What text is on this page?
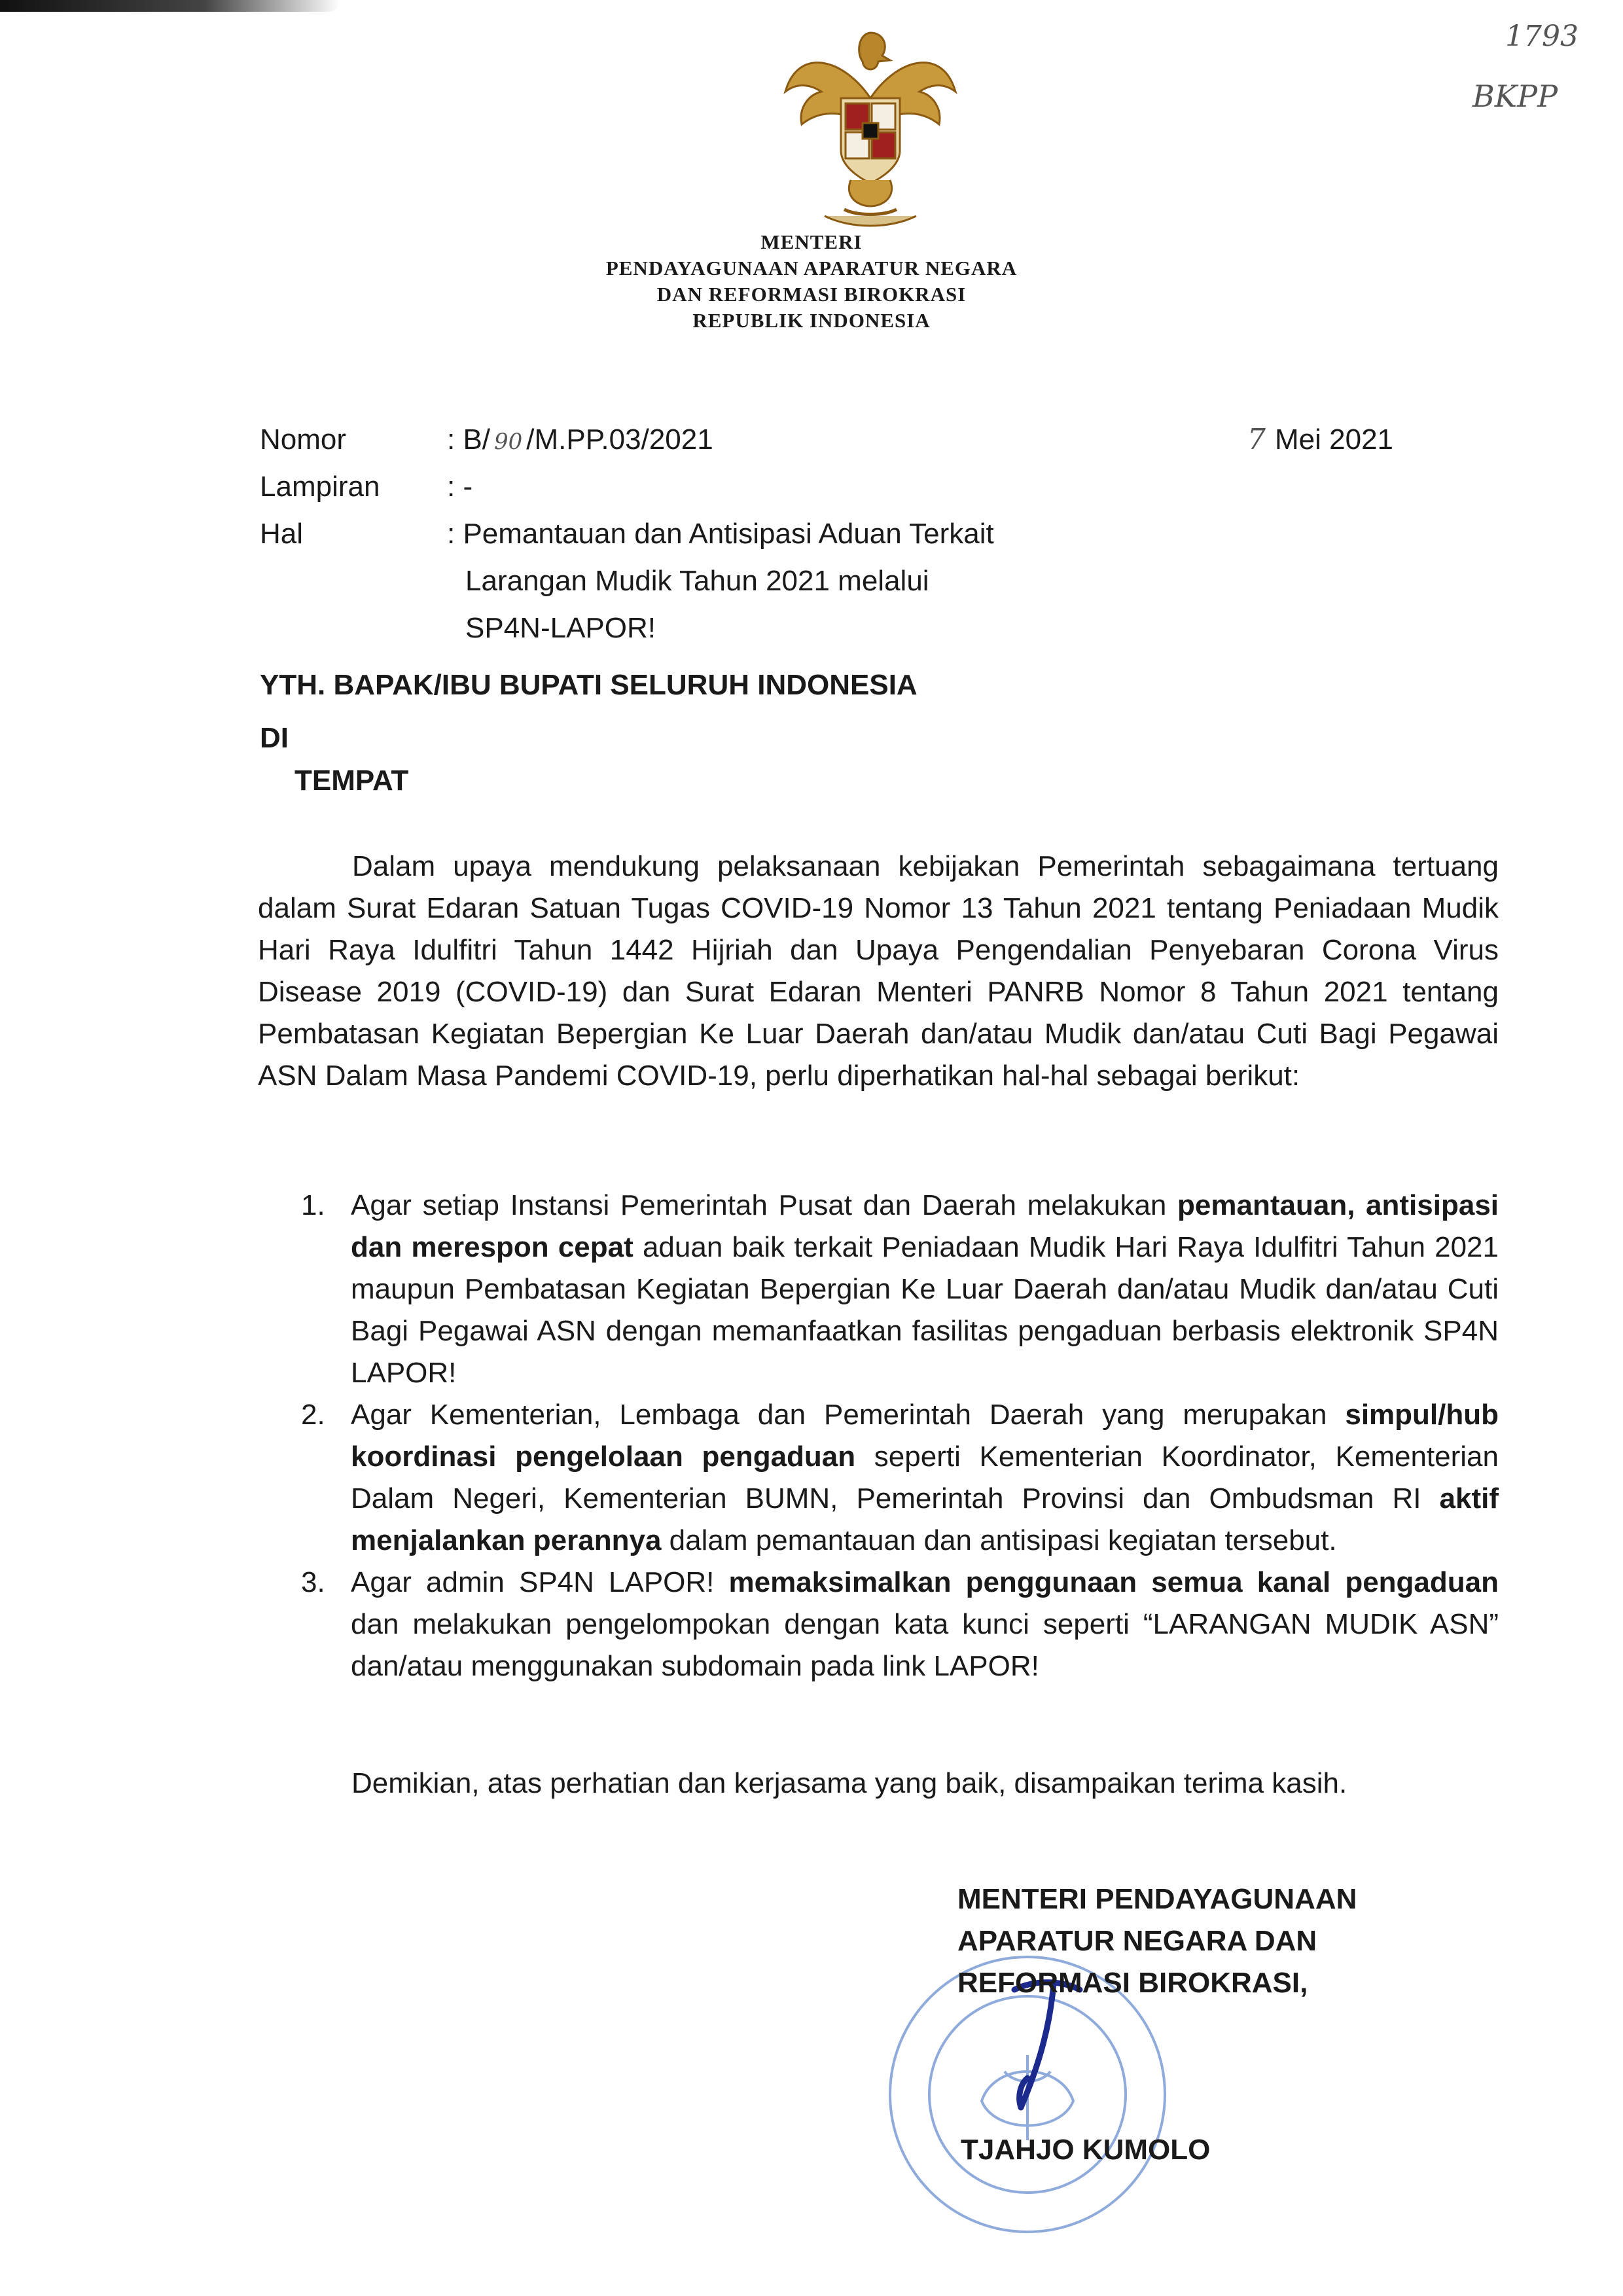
1793
BKPP
MENTERI
PENDAYAGUNAAN APARATUR NEGARA
DAN REFORMASI BIROKRASI
REPUBLIK INDONESIA
Nomor	: B/ 90 /M.PP.03/2021	7 Mei 2021
Lampiran : -
Hal	: Pemantauan dan Antisipasi Aduan Terkait
Larangan Mudik Tahun 2021 melalui
SP4N-LAPOR!
YTH. BAPAK/IBU BUPATI SELURUH INDONESIA
DI
TEMPAT

Dalam upaya mendukung pelaksanaan kebijakan Pemerintah sebagaimana tertuang dalam Surat Edaran Satuan Tugas COVID-19 Nomor 13 Tahun 2021 tentang Peniadaan Mudik Hari Raya Idulfitri Tahun 1442 Hijriah dan Upaya Pengendalian Penyebaran Corona Virus Disease 2019 (COVID-19) dan Surat Edaran Menteri PANRB Nomor 8 Tahun 2021 tentang Pembatasan Kegiatan Bepergian Ke Luar Daerah dan/atau Mudik dan/atau Cuti Bagi Pegawai ASN Dalam Masa Pandemi COVID-19, perlu diperhatikan hal-hal sebagai berikut:

1. Agar setiap Instansi Pemerintah Pusat dan Daerah melakukan pemantauan, antisipasi dan merespon cepat aduan baik terkait Peniadaan Mudik Hari Raya Idulfitri Tahun 2021 maupun Pembatasan Kegiatan Bepergian Ke Luar Daerah dan/atau Mudik dan/atau Cuti Bagi Pegawai ASN dengan memanfaatkan fasilitas pengaduan berbasis elektronik SP4N LAPOR!

2. Agar Kementerian, Lembaga dan Pemerintah Daerah yang merupakan simpul/hub koordinasi pengelolaan pengaduan seperti Kementerian Koordinator, Kementerian Dalam Negeri, Kementerian BUMN, Pemerintah Provinsi dan Ombudsman RI aktif menjalankan perannya dalam pemantauan dan antisipasi kegiatan tersebut.

3. Agar admin SP4N LAPOR! memaksimalkan penggunaan semua kanal pengaduan dan melakukan pengelompokan dengan kata kunci seperti “LARANGAN MUDIK ASN” dan/atau menggunakan subdomain pada link LAPOR!

Demikian, atas perhatian dan kerjasama yang baik, disampaikan terima kasih.
MENTERI PENDAYAGUNAAN
APARATUR NEGARA DAN
REFORMASI BIROKRASI,
TJAHJO KUMOLO
